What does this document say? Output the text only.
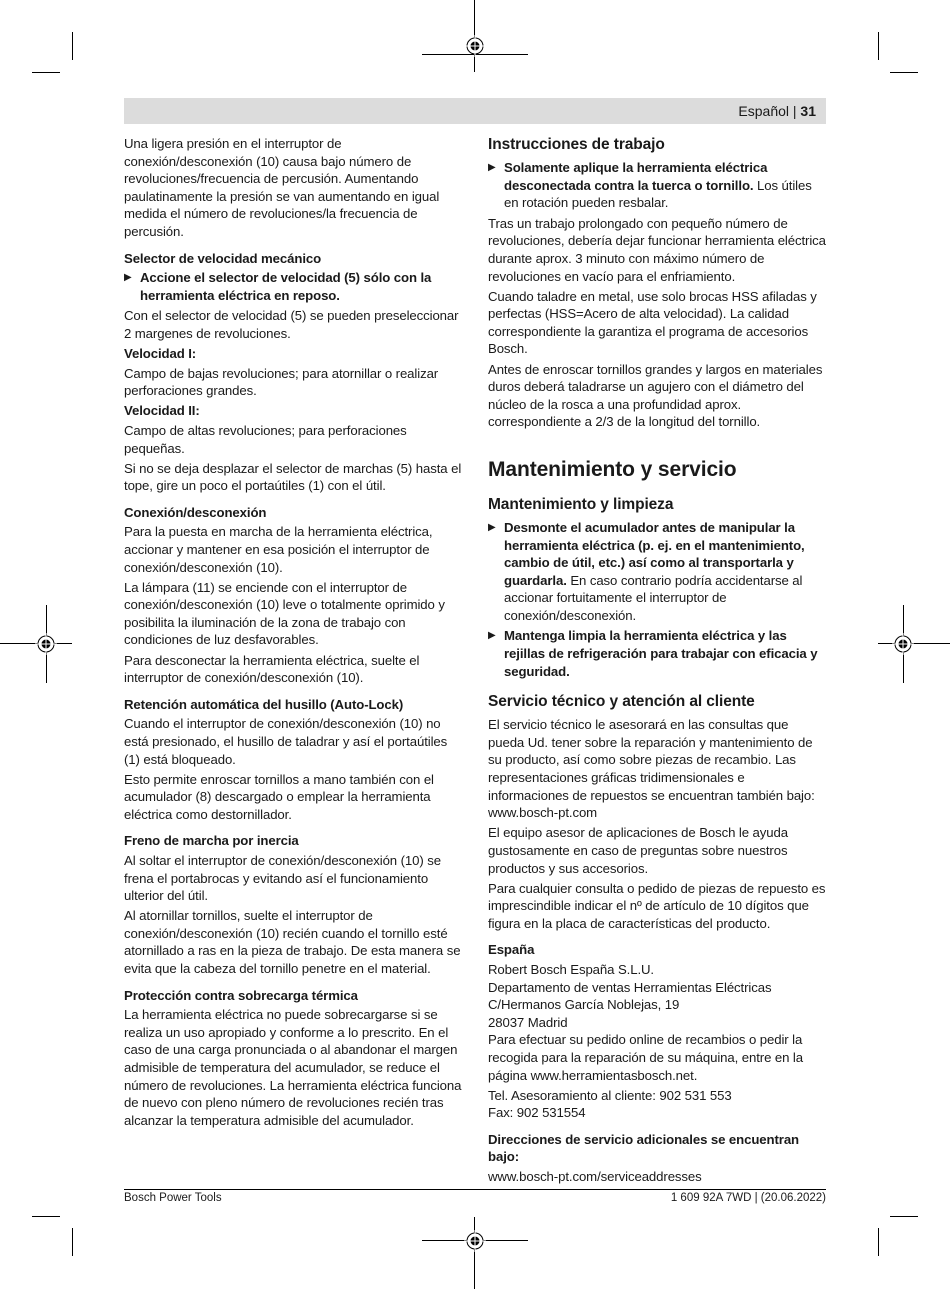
Español | 31

Una ligera presión en el interruptor de conexión/desconexión (10) causa bajo número de revoluciones/frecuencia de percusión. Aumentando paulatinamente la presión se van aumentando en igual medida el número de revoluciones/la frecuencia de percusión.

Selector de velocidad mecánico
▶ Accione el selector de velocidad (5) sólo con la herramienta eléctrica en reposo.

Con el selector de velocidad (5) se pueden preseleccionar 2 margenes de revoluciones.

Velocidad I:

Campo de bajas revoluciones; para atornillar o realizar perforaciones grandes.

Velocidad II:

Campo de altas revoluciones; para perforaciones pequeñas.

Si no se deja desplazar el selector de marchas (5) hasta el tope, gire un poco el portaútiles (1) con el útil.

Conexión/desconexión

Para la puesta en marcha de la herramienta eléctrica, accionar y mantener en esa posición el interruptor de conexión/desconexión (10).

La lámpara (11) se enciende con el interruptor de conexión/desconexión (10) leve o totalmente oprimido y posibilita la iluminación de la zona de trabajo con condiciones de luz desfavorables.

Para desconectar la herramienta eléctrica, suelte el interruptor de conexión/desconexión (10).

Retención automática del husillo (Auto-Lock)

Cuando el interruptor de conexión/desconexión (10) no está presionado, el husillo de taladrar y así el portaútiles (1) está bloqueado.

Esto permite enroscar tornillos a mano también con el acumulador (8) descargado o emplear la herramienta eléctrica como destornillador.

Freno de marcha por inercia

Al soltar el interruptor de conexión/desconexión (10) se frena el portabrocas y evitando así el funcionamiento ulterior del útil.

Al atornillar tornillos, suelte el interruptor de conexión/desconexión (10) recién cuando el tornillo esté atornillado a ras en la pieza de trabajo. De esta manera se evita que la cabeza del tornillo penetre en el material.

Protección contra sobrecarga térmica

La herramienta eléctrica no puede sobrecargarse si se realiza un uso apropiado y conforme a lo prescrito. En el caso de una carga pronunciada o al abandonar el margen admisible de temperatura del acumulador, se reduce el número de revoluciones. La herramienta eléctrica funciona de nuevo con pleno número de revoluciones recién tras alcanzar la temperatura admisible del acumulador.

Instrucciones de trabajo
▶ Solamente aplique la herramienta eléctrica desconectada contra la tuerca o tornillo. Los útiles en rotación pueden resbalar.

Tras un trabajo prolongado con pequeño número de revoluciones, debería dejar funcionar herramienta eléctrica durante aprox. 3 minuto con máximo número de revoluciones en vacío para el enfriamiento.

Cuando taladre en metal, use solo brocas HSS afiladas y perfectas (HSS=Acero de alta velocidad). La calidad correspondiente la garantiza el programa de accesorios Bosch.

Antes de enroscar tornillos grandes y largos en materiales duros deberá taladrarse un agujero con el diámetro del núcleo de la rosca a una profundidad aprox. correspondiente a 2/3 de la longitud del tornillo.

Mantenimiento y servicio
Mantenimiento y limpieza
▶ Desmonte el acumulador antes de manipular la herramienta eléctrica (p. ej. en el mantenimiento, cambio de útil, etc.) así como al transportarla y guardarla. En caso contrario podría accidentarse al accionar fortuitamente el interruptor de conexión/desconexión.
▶ Mantenga limpia la herramienta eléctrica y las rejillas de refrigeración para trabajar con eficacia y seguridad.
Servicio técnico y atención al cliente

El servicio técnico le asesorará en las consultas que pueda Ud. tener sobre la reparación y mantenimiento de su producto, así como sobre piezas de recambio. Las representaciones gráficas tridimensionales e informaciones de repuestos se encuentran también bajo: www.bosch-pt.com

El equipo asesor de aplicaciones de Bosch le ayuda gustosamente en caso de preguntas sobre nuestros productos y sus accesorios.

Para cualquier consulta o pedido de piezas de repuesto es imprescindible indicar el nº de artículo de 10 dígitos que figura en la placa de características del producto.

España
Robert Bosch España S.L.U.
Departamento de ventas Herramientas Eléctricas
C/Hermanos García Noblejas, 19
28037 Madrid

Para efectuar su pedido online de recambios o pedir la recogida para la reparación de su máquina, entre en la página www.herramientasbosch.net.

Tel. Asesoramiento al cliente: 902 531 553
Fax: 902 531554
Direcciones de servicio adicionales se encuentran bajo:
www.bosch-pt.com/serviceaddresses
Bosch Power Tools	1 609 92A 7WD | (20.06.2022)
